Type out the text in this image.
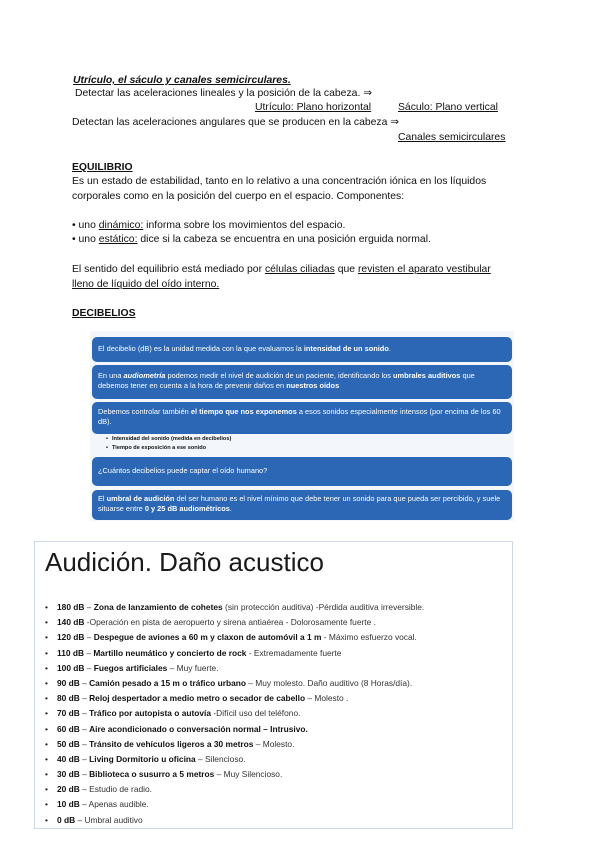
Utrículo, el sáculo y canales semicirculares.
Detectar las aceleraciones lineales y la posición de la cabeza. ⇒
Utrículo: Plano horizontal	Sáculo: Plano vertical
Detectan las aceleraciones angulares que se producen en la cabeza ⇒
Canales semicirculares
EQUILIBRIO
Es un estado de estabilidad, tanto en lo relativo a una concentración iónica en los líquidos
corporales como en la posición del cuerpo en el espacio. Componentes:
• uno dinámico: informa sobre los movimientos del espacio.
• uno estático: dice si la cabeza se encuentra en una posición erguida normal.
El sentido del equilibrio está mediado por células ciliadas que revisten el aparato vestibular
lleno de líquido del oído interno.
DECIBELIOS
El decibelio (dB) es la unidad medida con la que evaluamos la intensidad de un sonido.
En una audiometría podemos medir el nivel de audición de un paciente, identificando los umbrales auditivos que debemos tener en cuenta a la hora de prevenir daños en nuestros oídos
Debemos controlar también el tiempo que nos exponemos a esos sonidos especialmente intensos (por encima de los 60 dB).
• Intensidad del sonido (medida en decibelios)
• Tiempo de exposición a ese sonido
¿Cuántos decibelios puede captar el oído humano?
El umbral de audición del ser humano es el nivel mínimo que debe tener un sonido para que pueda ser percibido, y suele situarse entre 0 y 25 dB audiométricos.
Audición. Daño acustico
• 180 dB – Zona de lanzamiento de cohetes (sin protección auditiva) -Pérdida auditiva irreversible.
• 140 dB -Operación en pista de aeropuerto y sirena antiaérea - Dolorosamente fuerte .
• 120 dB – Despegue de aviones a 60 m y claxon de automóvil a 1 m - Máximo esfuerzo vocal.
• 110 dB – Martillo neumático y concierto de rock - Extremadamente fuerte
• 100 dB – Fuegos artificiales – Muy fuerte.
• 90 dB – Camión pesado a 15 m o tráfico urbano – Muy molesto. Daño auditivo (8 Horas/día).
• 80 dB – Reloj despertador a medio metro o secador de cabello – Molesto .
• 70 dB – Tráfico por autopista o autovía -Difícil uso del teléfono.
• 60 dB – Aire acondicionado o conversación normal – Intrusivo.
• 50 dB – Tránsito de vehículos ligeros a 30 metros – Molesto.
• 40 dB – Living Dormitorio u oficina – Silencioso.
• 30 dB – Biblioteca o susurro a 5 metros – Muy Silencioso.
• 20 dB – Estudio de radio.
• 10 dB – Apenas audible.
• 0 dB – Umbral auditivo
